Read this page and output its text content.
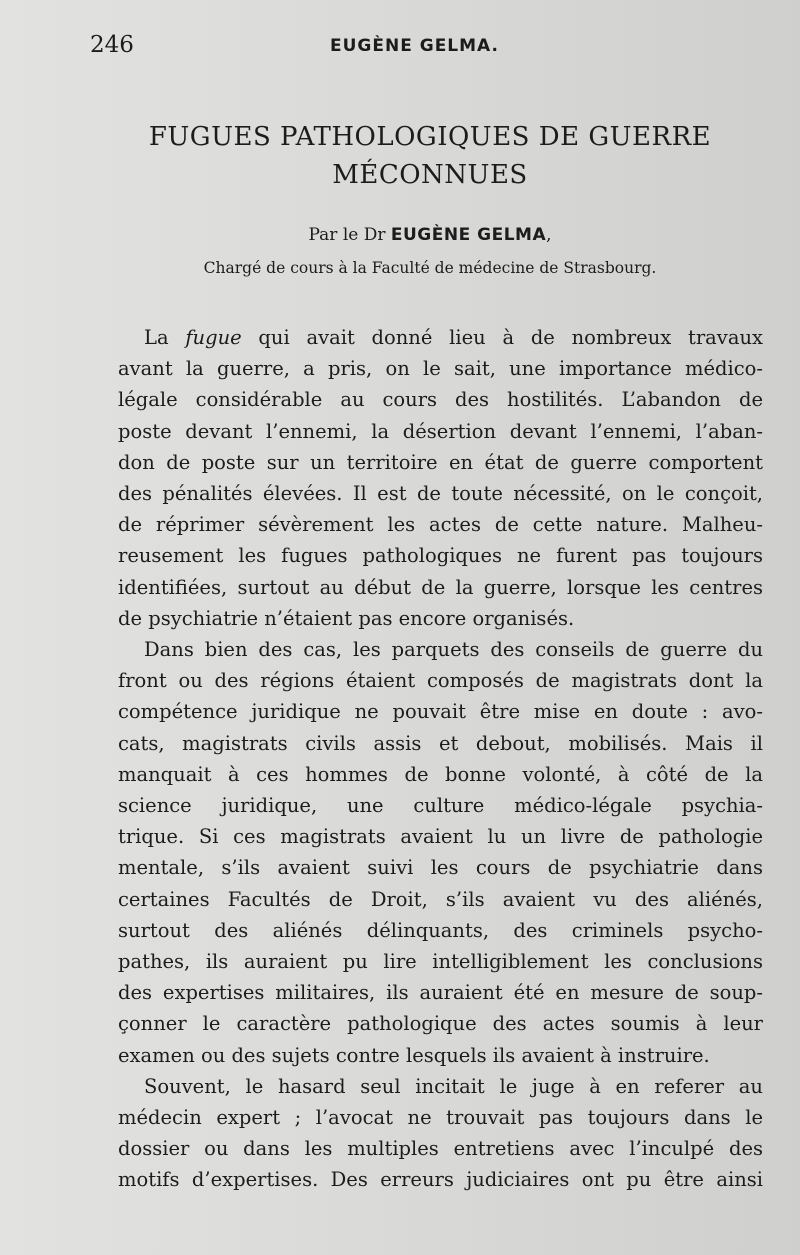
246	EUGÈNE GELMA.
FUGUES PATHOLOGIQUES DE GUERRE
MÉCONNUES
Par le Dr EUGÈNE GELMA,
Chargé de cours à la Faculté de médecine de Strasbourg.
La fugue qui avait donné lieu à de nombreux travaux
avant la guerre, a pris, on le sait, une importance médico-
légale considérable au cours des hostilités. L’abandon de
poste devant l’ennemi, la désertion devant l’ennemi, l’aban-
don de poste sur un territoire en état de guerre comportent
des pénalités élevées. Il est de toute nécessité, on le conçoit,
de réprimer sévèrement les actes de cette nature. Malheu-
reusement les fugues pathologiques ne furent pas toujours
identifiées, surtout au début de la guerre, lorsque les centres
de psychiatrie n’étaient pas encore organisés.
Dans bien des cas, les parquets des conseils de guerre du
front ou des régions étaient composés de magistrats dont la
compétence juridique ne pouvait être mise en doute : avo-
cats, magistrats civils assis et debout, mobilisés. Mais il
manquait à ces hommes de bonne volonté, à côté de la
science juridique, une culture médico-légale psychia-
trique. Si ces magistrats avaient lu un livre de pathologie
mentale, s’ils avaient suivi les cours de psychiatrie dans
certaines Facultés de Droit, s’ils avaient vu des aliénés,
surtout des aliénés délinquants, des criminels psycho-
pathes, ils auraient pu lire intelligiblement les conclusions
des expertises militaires, ils auraient été en mesure de soup-
çonner le caractère pathologique des actes soumis à leur
examen ou des sujets contre lesquels ils avaient à instruire.
Souvent, le hasard seul incitait le juge à en referer au
médecin expert ; l’avocat ne trouvait pas toujours dans le
dossier ou dans les multiples entretiens avec l’inculpé des
motifs d’expertises. Des erreurs judiciaires ont pu être ainsi
